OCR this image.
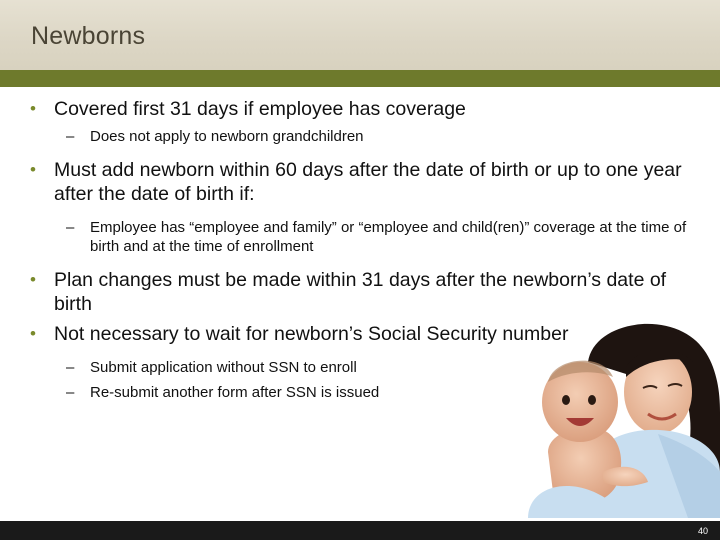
Newborns
• Covered first 31 days if employee has coverage
– Does not apply to newborn grandchildren
• Must add newborn within 60 days after the date of birth or up to one year after the date of birth if:
– Employee has “employee and family” or “employee and child(ren)” coverage at the time of birth and at the time of enrollment
• Plan changes must be made within 31 days after the newborn’s date of birth
• Not necessary to wait for newborn’s Social Security number
– Submit application without SSN to enroll
– Re-submit another form after SSN is issued
40
